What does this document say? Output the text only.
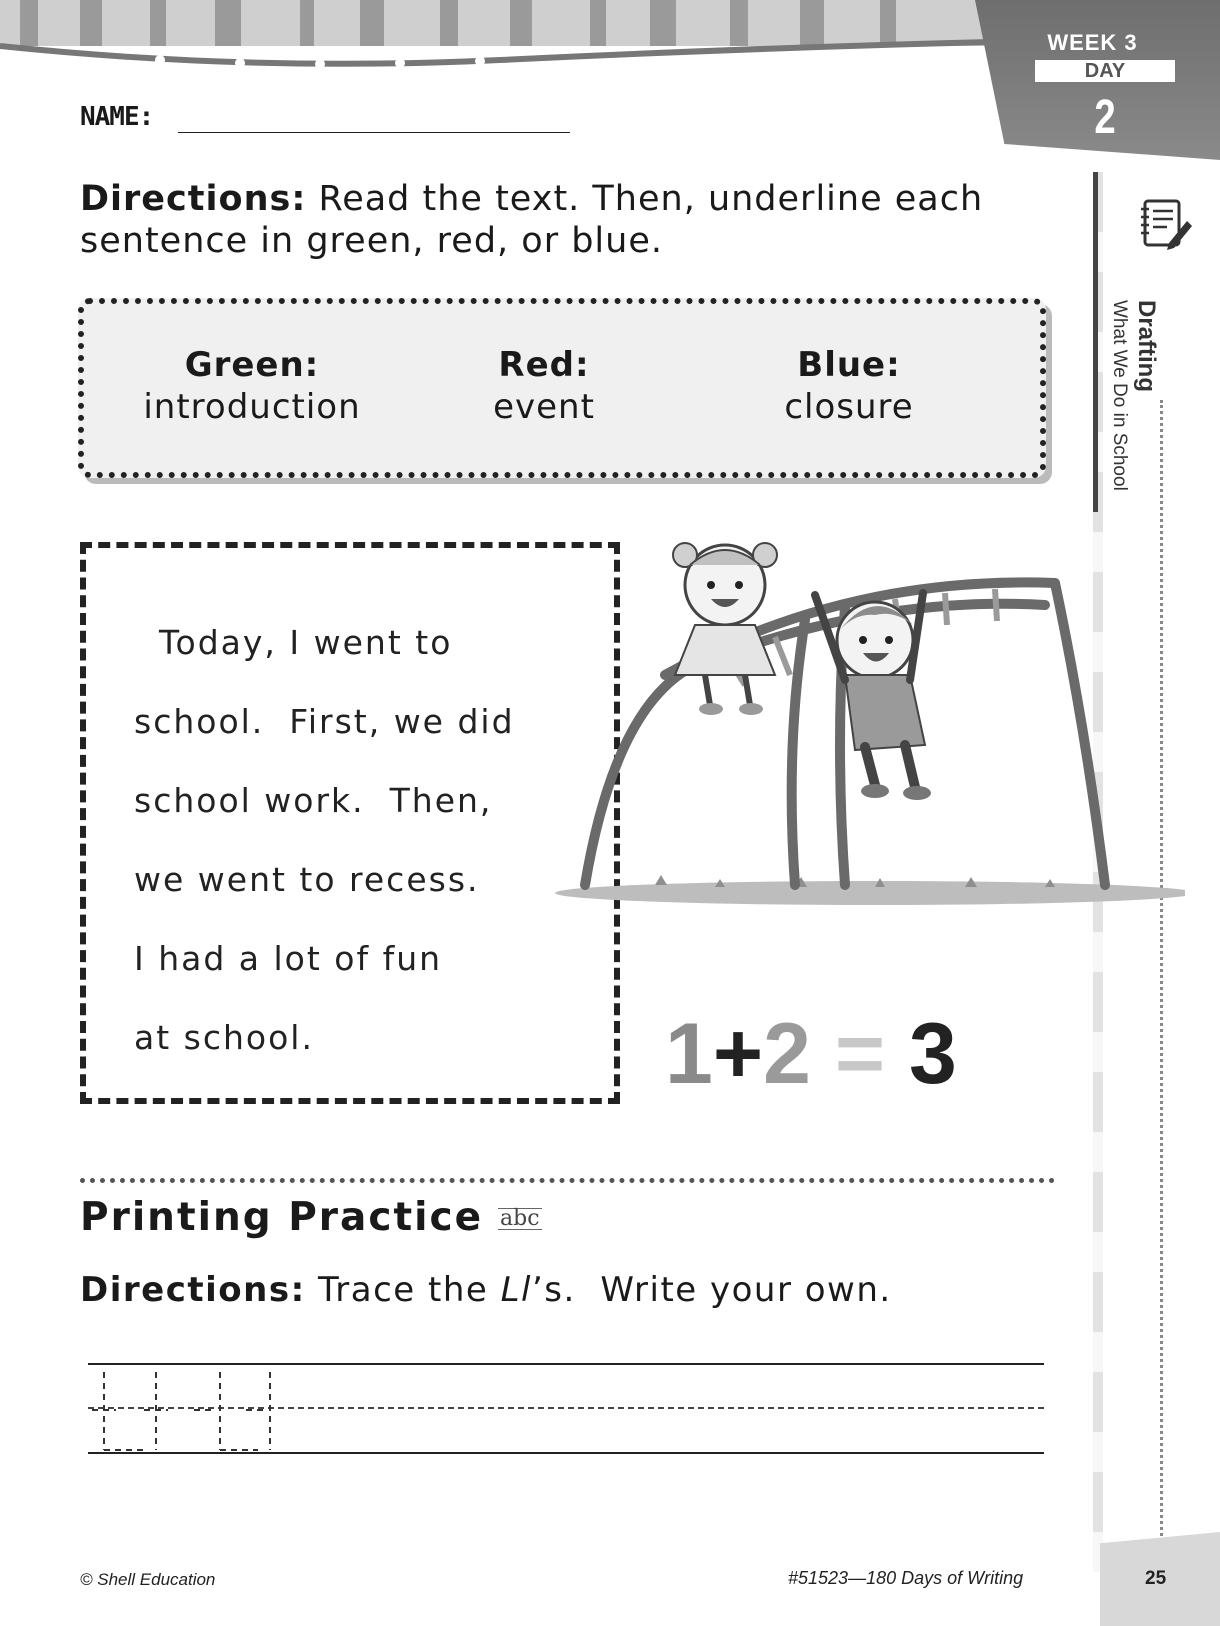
WEEK 3
DAY
2
Drafting
What We Do in School
NAME:
Directions: Read the text. Then, underline each sentence in green, red, or blue.
Green:
introduction
Red:
event
Blue:
closure
Today, I went to
school.  First, we did
school work.  Then,
we went to recess.
I had a lot of fun
at school.	1+2 = 3
Printing Practice abc
Directions: Trace the Ll’s.  Write your own.
© Shell Education	#51523—180 Days of Writing	25
